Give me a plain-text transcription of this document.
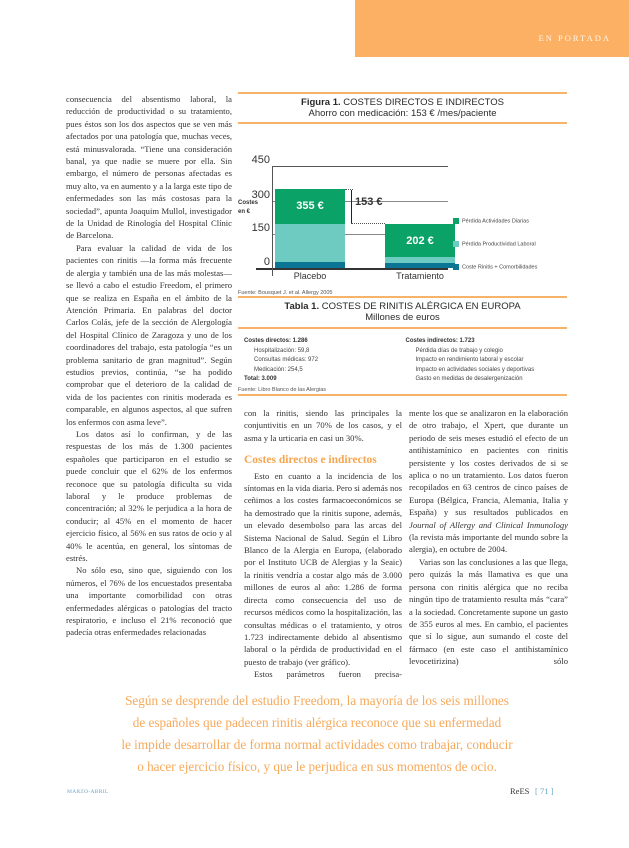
EN PORTADA

consecuencia del absentismo laboral, la reducción de productividad o su tratamiento, pues éstos son los dos aspectos que se ven más afectados por una patología que, muchas veces, está minusvalorada. “Tiene una consideración banal, ya que nadie se muere por ella. Sin embargo, el número de personas afectadas es muy alto, va en aumento y a la larga este tipo de enfermedades son las más costosas para la sociedad”, apunta Joaquim Mullol, investigador de la Unidad de Rinología del Hospital Clínic de Barcelona.

Para evaluar la calidad de vida de los pacientes con rinitis —la forma más frecuente de alergia y también una de las más molestas— se llevó a cabo el estudio Freedom, el primero que se realiza en España en el ámbito de la Atención Primaria. En palabras del doctor Carlos Colás, jefe de la sección de Alergología del Hospital Clínico de Zaragoza y uno de los coordinadores del trabajo, esta patología “es un problema sanitario de gran magnitud”. Según estudios previos, continúa, “se ha podido comprobar que el deterioro de la calidad de vida de los pacientes con rinitis moderada es comparable, en algunos aspectos, al que sufren los enfermos con asma leve”.

Los datos así lo confirman, y de las respuestas de los más de 1.300 pacientes españoles que participaron en el estudio se puede concluir que el 62% de los enfermos reconoce que su patología dificulta su vida laboral y le produce problemas de concentración; al 32% le perjudica a la hora de conducir; al 45% en el momento de hacer ejercicio físico, al 56% en sus ratos de ocio y al 40% le acentúa, en general, los síntomas de estrés.

No sólo eso, sino que, siguiendo con los números, el 76% de los encuestados presentaba una importante comorbilidad con otras enfermedades alérgicas o patologías del tracto respiratorio, e incluso el 21% reconoció que padecía otras enfermedades relacionadas

Figura 1. COSTES DIRECTOS E INDIRECTOS
Ahorro con medicación: 153 € /mes/paciente
Costes
en €
450
300
150
0
355 €
202 €
153 €
Placebo	Tratamiento
Pérdida Actividades Diarias
Pérdida Productividad Laboral
Coste Rinitis + Comorbilidades
Fuente: Bousquet J. et al. Allergy 2005
Tabla 1. COSTES DE RINITIS ALÉRGICA EN EUROPA
Millones de euros
Costes directos: 1.286
Hospitalización: 59,8
Consultas médicas: 972
Medicación: 254,5
Total: 3.009
Costes indirectos: 1.723
Pérdida días de trabajo y colegio
Impacto en rendimiento laboral y escolar
Impacto en actividades sociales y deportivas
Gasto en medidas de desalergenización
Fuente: Libro Blanco de las Alergias

con la rinitis, siendo las principales la conjuntivitis en un 70% de los casos, y el asma y la urticaria en casi un 30%.

Costes directos e indirectos

Esto en cuanto a la incidencia de los síntomas en la vida diaria. Pero si además nos ceñimos a los costes farmacoeconómicos se ha demostrado que la rinitis supone, además, un elevado desembolso para las arcas del Sistema Nacional de Salud. Según el Libro Blanco de la Alergia en Europa, (elaborado por el Instituto UCB de Alergias y la Seaic) la rinitis vendría a costar algo más de 3.000 millones de euros al año: 1.286 de forma directa como consecuencia del uso de recursos médicos como la hospitalización, las consultas médicas o el tratamiento, y otros 1.723 indirectamente debido al absentismo laboral o la pérdida de productividad en el puesto de trabajo (ver gráfico).

Estos parámetros fueron precisa-

mente los que se analizaron en la elaboración de otro trabajo, el Xpert, que durante un periodo de seis meses estudió el efecto de un antihistamínico en pacientes con rinitis persistente y los costes derivados de si se aplica o no un tratamiento. Los datos fueron recopilados en 63 centros de cinco países de Europa (Bélgica, Francia, Alemania, Italia y España) y sus resultados publicados en Journal of Allergy and Clinical Inmunology (la revista más importante del mundo sobre la alergia), en octubre de 2004.

Varias son las conclusiones a las que llega, pero quizás la más llamativa es que una persona con rinitis alérgica que no reciba ningún tipo de tratamiento resulta más “cara” a la sociedad. Concretamente supone un gasto de 355 euros al mes. En cambio, el pacientes que sí lo sigue, aun sumando el coste del fármaco (en este caso el antihistamínico levocetirizina) sólo

Según se desprende del estudio Freedom, la mayoría de los seis millones
de españoles que padecen rinitis alérgica reconoce que su enfermedad
le impide desarrollar de forma normal actividades como trabajar, conducir
o hacer ejercicio físico, y que le perjudica en sus momentos de ocio.
MARZO-ABRIL	ReES [ 71 ]
